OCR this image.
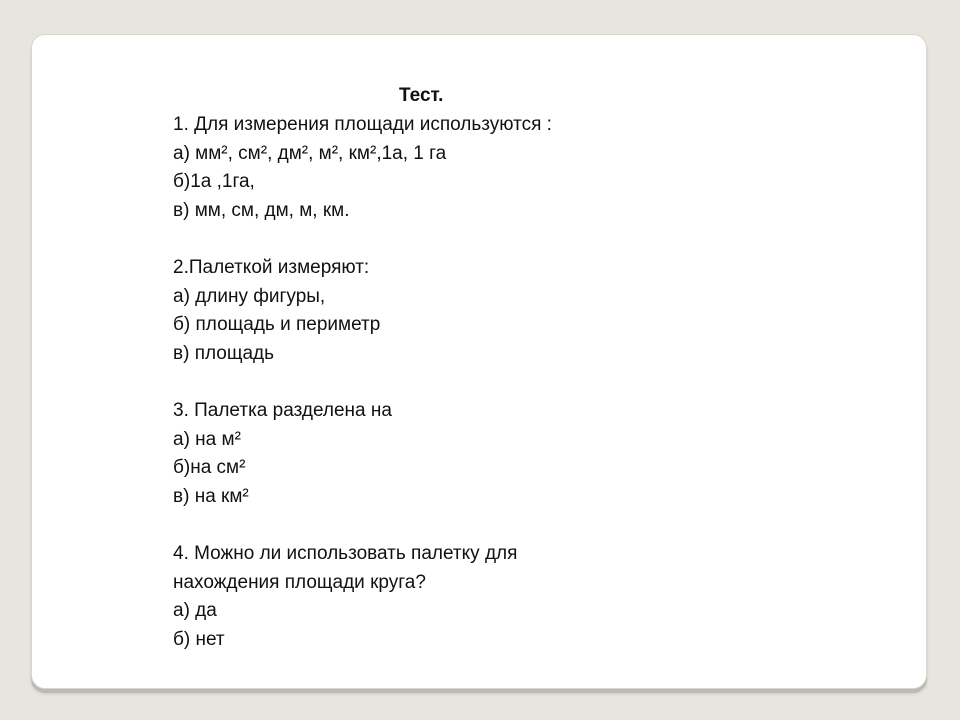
Тест.
1. Для измерения площади используются :
а) мм², см², дм², м², км²,1а, 1 га
б)1а ,1га,
в) мм, см, дм, м, км.
2.Палеткой измеряют:
а) длину фигуры,
б) площадь и периметр
в) площадь
3. Палетка разделена на
а) на м²
б)на см²
в) на км²
4. Можно ли использовать палетку для
нахождения площади круга?
а) да
б) нет
